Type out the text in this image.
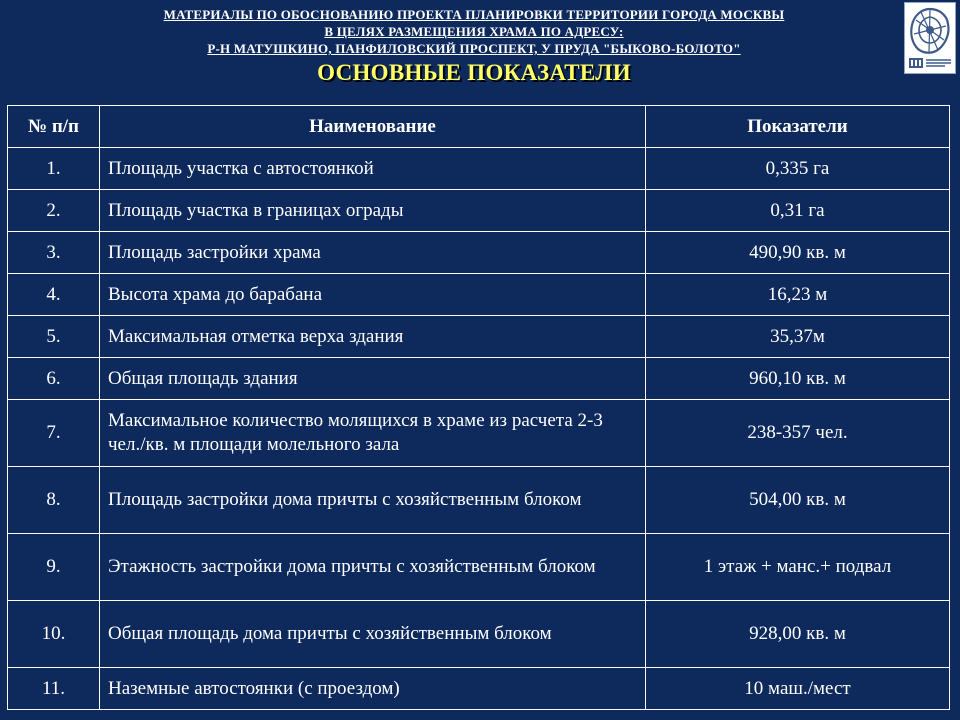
МАТЕРИАЛЫ ПО ОБОСНОВАНИЮ ПРОЕКТА ПЛАНИРОВКИ ТЕРРИТОРИИ ГОРОДА МОСКВЫ
В ЦЕЛЯХ РАЗМЕЩЕНИЯ ХРАМА ПО АДРЕСУ:
Р-Н МАТУШКИНО, ПАНФИЛОВСКИЙ ПРОСПЕКТ, У ПРУДА "БЫКОВО-БОЛОТО"
ОСНОВНЫЕ ПОКАЗАТЕЛИ
№ п/п	Наименование	Показатели
1.	Площадь участка с автостоянкой	0,335 га
2.	Площадь участка в границах ограды	0,31 га
3.	Площадь застройки храма	490,90 кв. м
4.	Высота храма до барабана	16,23 м
5.	Максимальная отметка верха здания	35,37м
6.	Общая площадь здания	960,10 кв. м
7.	Максимальное количество молящихся в храме из расчета 2-3 чел./кв. м площади молельного зала	238-357 чел.
8.	Площадь застройки дома причты с хозяйственным блоком	504,00 кв. м
9.	Этажность застройки дома причты с хозяйственным блоком	1 этаж + манс.+ подвал
10.	Общая площадь дома причты с хозяйственным блоком	928,00 кв. м
11.	Наземные автостоянки (с проездом)	10 маш./мест
